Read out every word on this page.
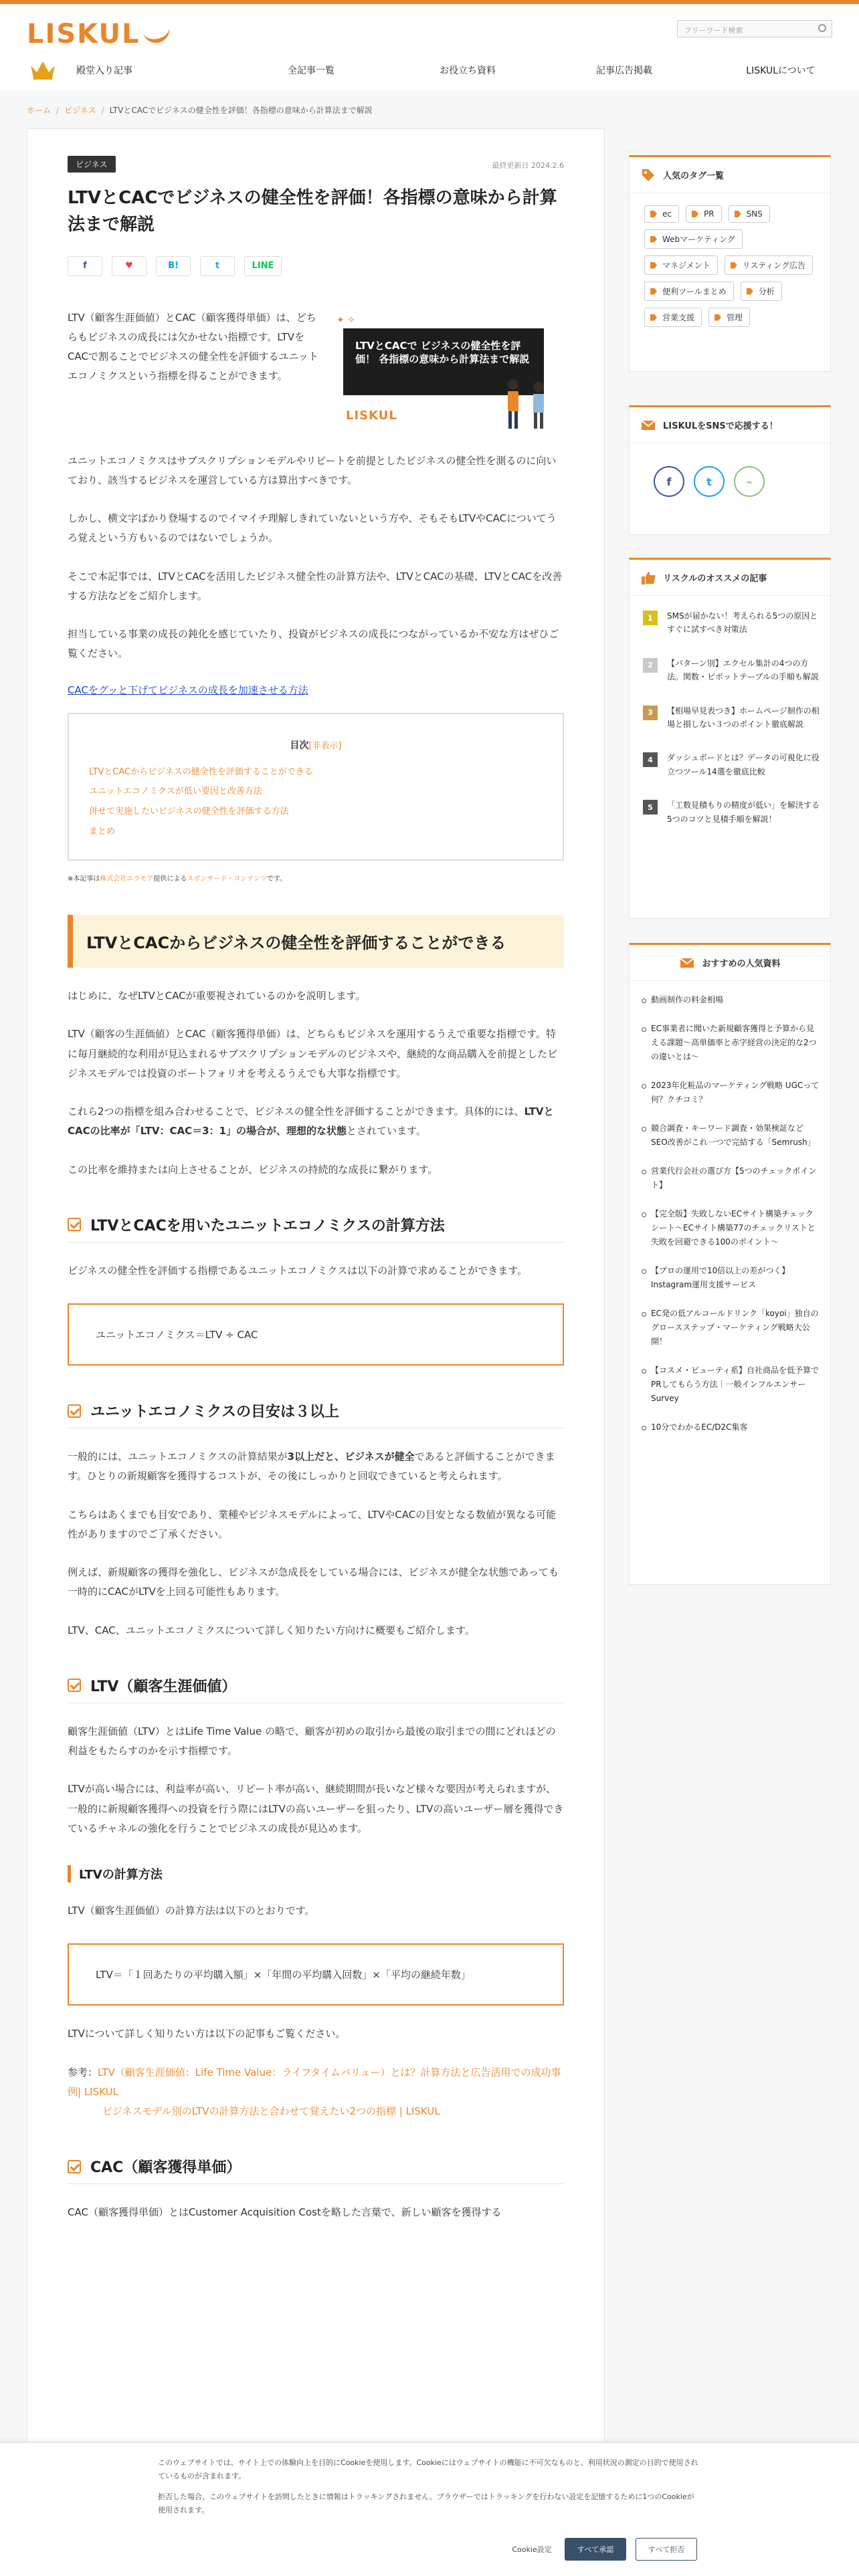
LISKUL	フリーワード検索
殿堂入り記事	全記事一覧	お役立ち資料	記事広告掲載	LISKULについて
ホーム / ビジネス / LTVとCACでビジネスの健全性を評価！各指標の意味から計算法まで解説
ビジネス	最終更新日 2024.2.6
LTVとCACでビジネスの健全性を評価！各指標の意味から計算法まで解説
f	♥	B!	t	LINE

LTV（顧客生涯価値）とCAC（顧客獲得単価）は、どちらもビジネスの成長には欠かせない指標です。LTVをCACで割ることでビジネスの健全性を評価するユニットエコノミクスという指標を得ることができます。

✦ ✧
LTVとCACで ビジネスの健全性を評価！ 各指標の意味から計算法まで解説
LISKUL

ユニットエコノミクスはサブスクリプションモデルやリピートを前提としたビジネスの健全性を測るのに向いており、該当するビジネスを運営している方は算出すべきです。

しかし、横文字ばかり登場するのでイマイチ理解しきれていないという方や、そもそもLTVやCACについてうろ覚えという方もいるのではないでしょうか。

そこで本記事では、LTVとCACを活用したビジネス健全性の計算方法や、LTVとCACの基礎、LTVとCACを改善する方法などをご紹介します。

担当している事業の成長の鈍化を感じていたり、投資がビジネスの成長につながっているか不安な方はぜひご覧ください。

CACをグッと下げてビジネスの成長を加速させる方法
目次[非表示]
LTVとCACからビジネスの健全性を評価することができる
ユニットエコノミクスが低い要因と改善方法
併せて実施したいビジネスの健全性を評価する方法
まとめ

※本記事は株式会社エラモア提供によるスポンサード・コンテンツです。

LTVとCACからビジネスの健全性を評価することができる

はじめに、なぜLTVとCACが重要視されているのかを説明します。

LTV（顧客の生涯価値）とCAC（顧客獲得単価）は、どちらもビジネスを運用するうえで重要な指標です。特に毎月継続的な利用が見込まれるサブスクリプションモデルのビジネスや、継続的な商品購入を前提としたビジネスモデルでは投資のポートフォリオを考えるうえでも大事な指標です。

これら2つの指標を組み合わせることで、ビジネスの健全性を評価することができます。具体的には、LTVとCACの比率が「LTV：CAC＝3：1」の場合が、理想的な状態とされています。

この比率を維持または向上させることが、ビジネスの持続的な成長に繋がります。

LTVとCACを用いたユニットエコノミクスの計算方法

ビジネスの健全性を評価する指標であるユニットエコノミクスは以下の計算で求めることができます。

ユニットエコノミクス＝LTV ÷ CAC
ユニットエコノミクスの目安は３以上

一般的には、ユニットエコノミクスの計算結果が3以上だと、ビジネスが健全であると評価することができます。ひとりの新規顧客を獲得するコストが、その後にしっかりと回収できていると考えられます。

こちらはあくまでも目安であり、業種やビジネスモデルによって、LTVやCACの目安となる数値が異なる可能性がありますのでご了承ください。

例えば、新規顧客の獲得を強化し、ビジネスが急成長をしている場合には、ビジネスが健全な状態であっても一時的にCACがLTVを上回る可能性もあります。

LTV、CAC、ユニットエコノミクスについて詳しく知りたい方向けに概要もご紹介します。

LTV（顧客生涯価値）

顧客生涯価値（LTV）とはLife Time Value の略で、顧客が初めの取引から最後の取引までの間にどれほどの利益をもたらすのかを示す指標です。

LTVが高い場合には、利益率が高い、リピート率が高い、継続期間が長いなど様々な要因が考えられますが、一般的に新規顧客獲得への投資を行う際にはLTVの高いユーザーを狙ったり、LTVの高いユーザー層を獲得できているチャネルの強化を行うことでビジネスの成長が見込めます。

LTVの計算方法

LTV（顧客生涯価値）の計算方法は以下のとおりです。

LTV＝「１回あたりの平均購入額」×「年間の平均購入回数」×「平均の継続年数」

LTVについて詳しく知りたい方は以下の記事もご覧ください。

参考：LTV（顧客生涯価値：Life Time Value：ライフタイムバリュー）とは？計算方法と広告活用での成功事例| LISKUL
ビジネスモデル別のLTVの計算方法と合わせて覚えたい2つの指標 | LISKUL

CAC（顧客獲得単価）

CAC（顧客獲得単価）とはCustomer Acquisition Costを略した言葉で、新しい顧客を獲得する

人気のタグ一覧
ec	PR	SNS
Webマーケティング
マネジメント	リスティング広告
便利ツールまとめ	分析
営業支援	管理
LISKULをSNSで応援する！
f	t	⌁
リスクルのオススメの記事
1	SMSが届かない！考えられる5つの原因とすぐに試すべき対策法
2	【パターン別】エクセル集計の4つの方法。関数・ピボットテーブルの手順も解説
3	【相場早見表つき】ホームページ制作の相場と損しない３つのポイント徹底解説
4	ダッシュボードとは？データの可視化に役立つツール14選を徹底比較
5	「工数見積もりの精度が低い」を解決する5つのコツと見積手順を解説！
おすすめの人気資料
動画制作の料金相場
EC事業者に聞いた新規顧客獲得と予算から見える課題～高単価率と赤字経営の決定的な2つの違いとは～
2023年化粧品のマーケティング戦略 UGCって何？クチコミ？
競合調査・キーワード調査・効果検証などSEO改善がこれ一つで完結する「Semrush」
営業代行会社の選び方【5つのチェックポイント】
【完全版】失敗しないECサイト構築チェックシート～ECサイト構築77のチェックリストと失敗を回避できる100のポイント～
【プロの運用で10倍以上の差がつく】Instagram運用支援サービス
EC発の低アルコールドリンク「koyoi」独自のグロースステップ・マーケティング戦略大公開！
【コスメ・ビューティ系】自社商品を低予算でPRしてもらう方法｜一般インフルエンサーSurvey
10分でわかるEC/D2C集客

このウェブサイトでは、サイト上での体験向上を目的にCookieを使用します。Cookieにはウェブサイトの機能に不可欠なものと、利用状況の測定の目的で使用されているものが含まれます。

拒否した場合、このウェブサイトを訪問したときに情報はトラッキングされません。ブラウザーではトラッキングを行わない設定を記憶するために1つのCookieが使用されます。

Cookie設定	すべて承認	すべて拒否
